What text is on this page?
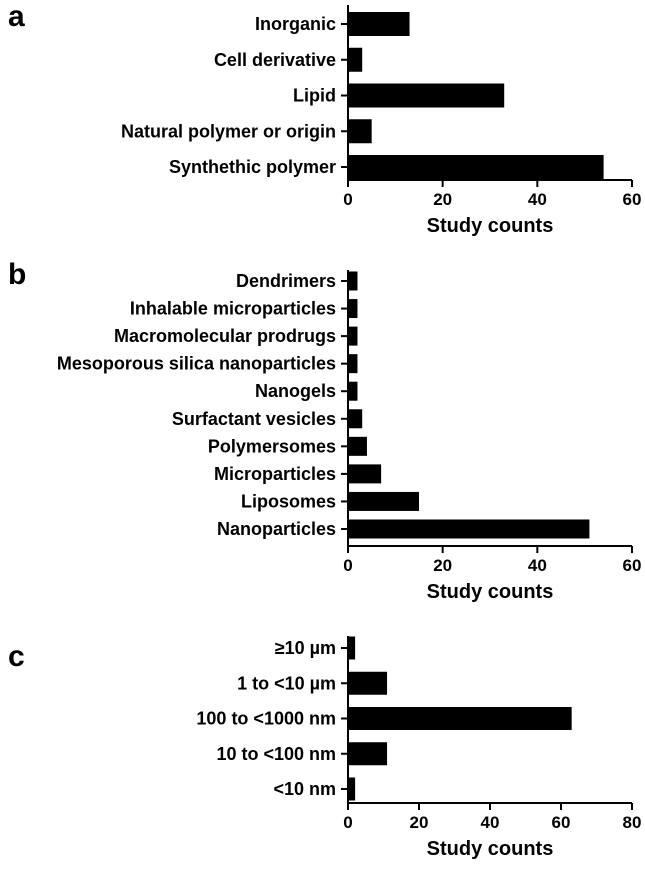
a	Inorganic
Cell derivative
Lipid
Natural polymer or origin
Synthethic polymer
0	20	40	60
Study counts
b	Dendrimers
Inhalable microparticles
Macromolecular prodrugs
Mesoporous silica nanoparticles
Nanogels
Surfactant vesicles
Polymersomes
Microparticles
Liposomes
Nanoparticles
0	20	40	60
Study counts
c	≥10 µm
1 to <10 µm
100 to <1000 nm
10 to <100 nm
<10 nm
0	20	40	60	80
Study counts
